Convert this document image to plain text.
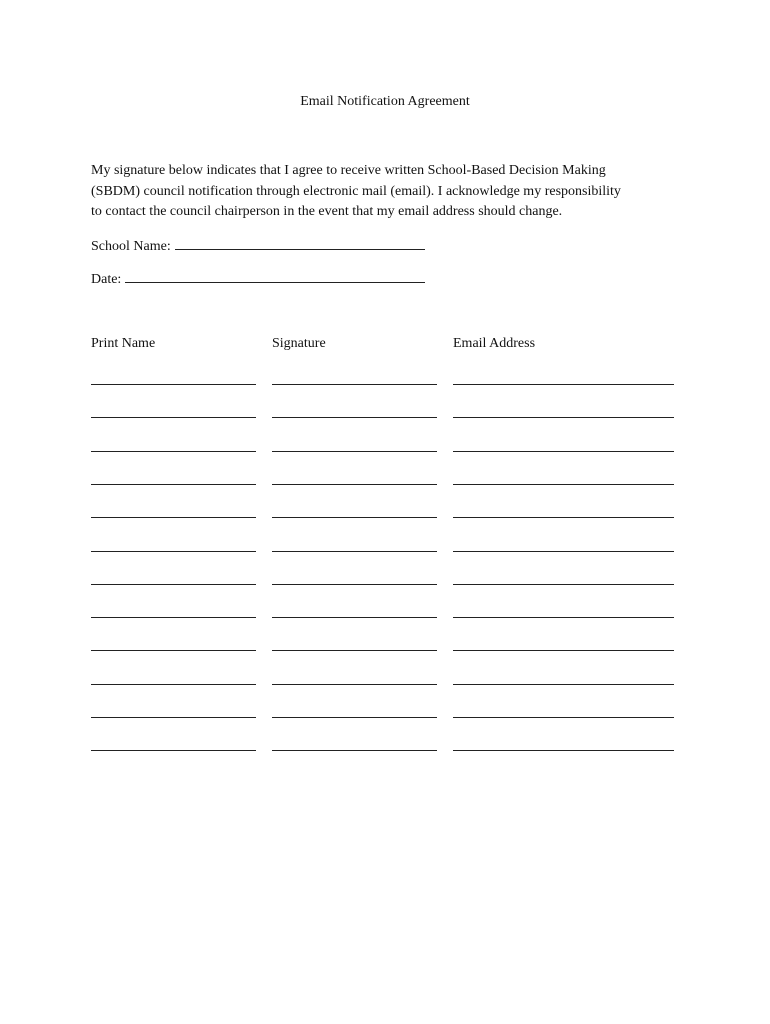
Email Notification Agreement
My signature below indicates that I agree to receive written School-Based Decision Making
(SBDM) council notification through electronic mail (email). I acknowledge my responsibility
to contact the council chairperson in the event that my email address should change.
School Name:
Date:
Print Name	Signature	Email Address
